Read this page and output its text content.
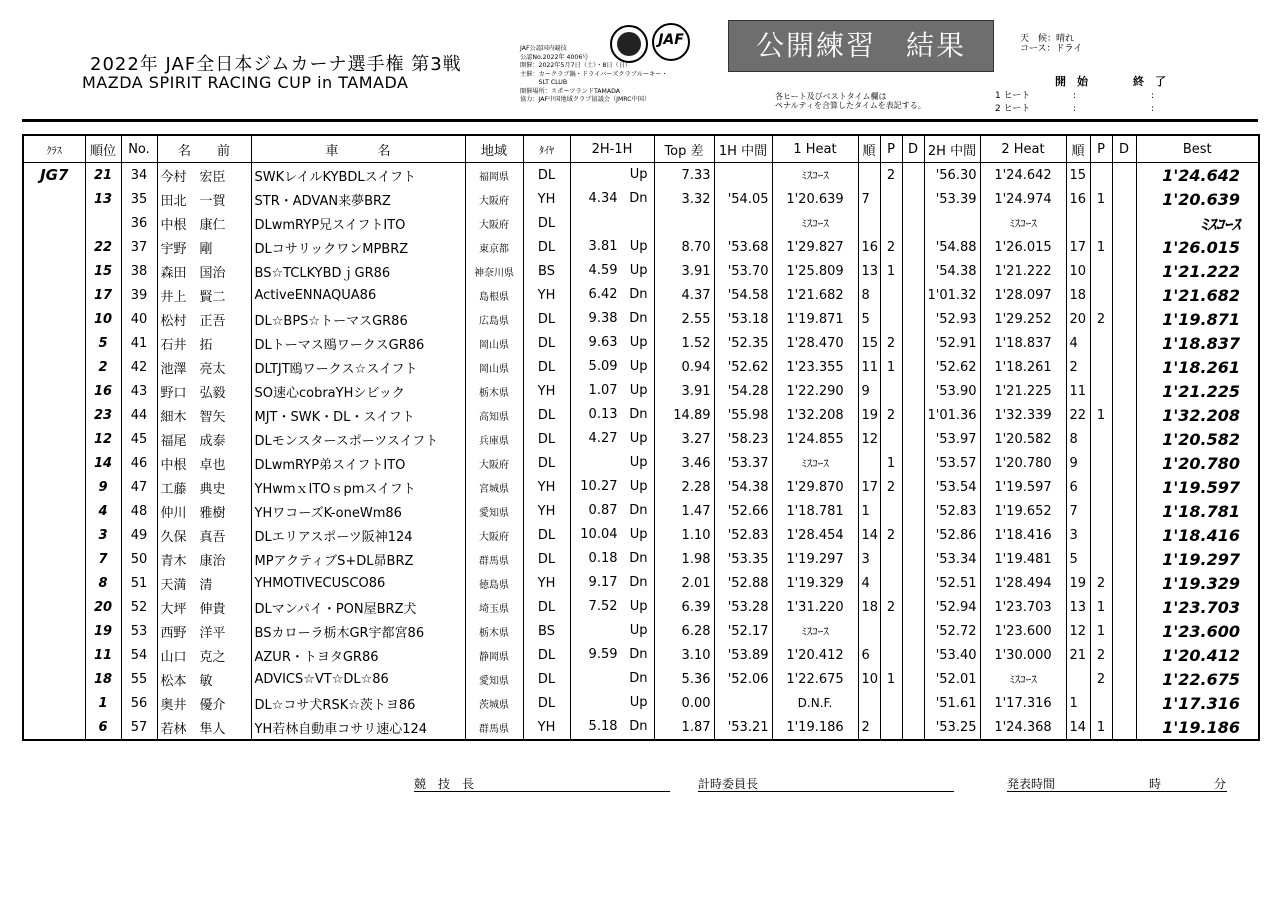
2022年 JAF全日本ジムカーナ選手権 第3戦
MAZDA SPIRIT RACING CUP in TAMADA
JAF公認国内競技
公認No.2022年 4006号
開催：2022年5月7日（土）・8日（日）
主催：カークラブ鍋・ドライバーズクラブルーキー・
　　　SLT CLUB
開催場所：スポーツランドTAMADA
協力：JAF中国地域クラブ協議会（JMRC中国）
JAF	公開練習　結果	天　候：晴れ
コース：ドライ
各ヒート及びベストタイム欄は
ペナルティを合算したタイムを表記する。
開　始	終　了
1 ヒート	:	:
2 ヒート	:	:
ｸﾗｽ	順位	No.	名　　前	車　　　名	地域	ﾀｲﾔ	2H-1H	Top 差	1H 中間	1 Heat	順	P	D	2H 中間	2 Heat	順	P	D	Best
JG7	21	34	今村　宏臣	SWKレイルKYBDLスイフト	福岡県	DL	Up	7.33		ﾐｽｺｰｽ		2		'56.30	1'24.642	15			1'24.642
	13	35	田北　一賀	STR・ADVAN来夢BRZ	大阪府	YH	4.34 Dn	3.32	'54.05	1'20.639	7			'53.39	1'24.974	16	1		1'20.639
		36	中根　康仁	DLwmRYP兄スイフトITO	大阪府	DL				ﾐｽｺｰｽ					ﾐｽｺｰｽ				ﾐｽｺｰｽ
	22	37	宇野　剛	DLコサリックワンMPBRZ	東京都	DL	3.81 Up	8.70	'53.68	1'29.827	16	2		'54.88	1'26.015	17	1		1'26.015
	15	38	森田　国治	BS☆TCLKYBDｊGR86	神奈川県	BS	4.59 Up	3.91	'53.70	1'25.809	13	1		'54.38	1'21.222	10			1'21.222
	17	39	井上　賢二	ActiveENNAQUA86	島根県	YH	6.42 Dn	4.37	'54.58	1'21.682	8			1'01.32	1'28.097	18			1'21.682
	10	40	松村　正吾	DL☆BPS☆トーマスGR86	広島県	DL	9.38 Dn	2.55	'53.18	1'19.871	5			'52.93	1'29.252	20	2		1'19.871
	5	41	石井　拓	DLトーマス鴎ワークスGR86	岡山県	DL	9.63 Up	1.52	'52.35	1'28.470	15	2		'52.91	1'18.837	4			1'18.837
	2	42	池澤　亮太	DLTJT鴎ワークス☆スイフト	岡山県	DL	5.09 Up	0.94	'52.62	1'23.355	11	1		'52.62	1'18.261	2			1'18.261
	16	43	野口　弘毅	SO速心cobraYHシビック	栃木県	YH	1.07 Up	3.91	'54.28	1'22.290	9			'53.90	1'21.225	11			1'21.225
	23	44	細木　智矢	MJT・SWK・DL・スイフト	高知県	DL	0.13 Dn	14.89	'55.98	1'32.208	19	2		1'01.36	1'32.339	22	1		1'32.208
	12	45	福尾　成泰	DLモンスタースポーツスイフト	兵庫県	DL	4.27 Up	3.27	'58.23	1'24.855	12			'53.97	1'20.582	8			1'20.582
	14	46	中根　卓也	DLwmRYP弟スイフトITO	大阪府	DL	Up	3.46	'53.37	ﾐｽｺｰｽ		1		'53.57	1'20.780	9			1'20.780
	9	47	工藤　典史	YHwmｘITOｓpmスイフト	宮城県	YH	10.27 Up	2.28	'54.38	1'29.870	17	2		'53.54	1'19.597	6			1'19.597
	4	48	仲川　雅樹	YHワコーズK-oneWm86	愛知県	YH	0.87 Dn	1.47	'52.66	1'18.781	1			'52.83	1'19.652	7			1'18.781
	3	49	久保　真吾	DLエリアスポーツ阪神124	大阪府	DL	10.04 Up	1.10	'52.83	1'28.454	14	2		'52.86	1'18.416	3			1'18.416
	7	50	青木　康治	MPアクティブS+DL昴BRZ	群馬県	DL	0.18 Dn	1.98	'53.35	1'19.297	3			'53.34	1'19.481	5			1'19.297
	8	51	天満　清	YHMOTIVECUSCO86	徳島県	YH	9.17 Dn	2.01	'52.88	1'19.329	4			'52.51	1'28.494	19	2		1'19.329
	20	52	大坪　伸貴	DLマンパイ・PON屋BRZ犬	埼玉県	DL	7.52 Up	6.39	'53.28	1'31.220	18	2		'52.94	1'23.703	13	1		1'23.703
	19	53	西野　洋平	BSカローラ栃木GR宇都宮86	栃木県	BS	Up	6.28	'52.17	ﾐｽｺｰｽ				'52.72	1'23.600	12	1		1'23.600
	11	54	山口　克之	AZUR・トヨタGR86	静岡県	DL	9.59 Dn	3.10	'53.89	1'20.412	6			'53.40	1'30.000	21	2		1'20.412
	18	55	松本　敏	ADVICS☆VT☆DL☆86	愛知県	DL	Dn	5.36	'52.06	1'22.675	10	1		'52.01	ﾐｽｺｰｽ		2		1'22.675
	1	56	奥井　優介	DL☆コサ犬RSK☆茨トヨ86	茨城県	DL	Up	0.00		D.N.F.				'51.61	1'17.316	1			1'17.316
	6	57	若林　隼人	YH若林自動車コサリ速心124	群馬県	YH	5.18 Dn	1.87	'53.21	1'19.186	2			'53.25	1'24.368	14	1		1'19.186
競　技　長	計時委員長	発表時間	時	分
